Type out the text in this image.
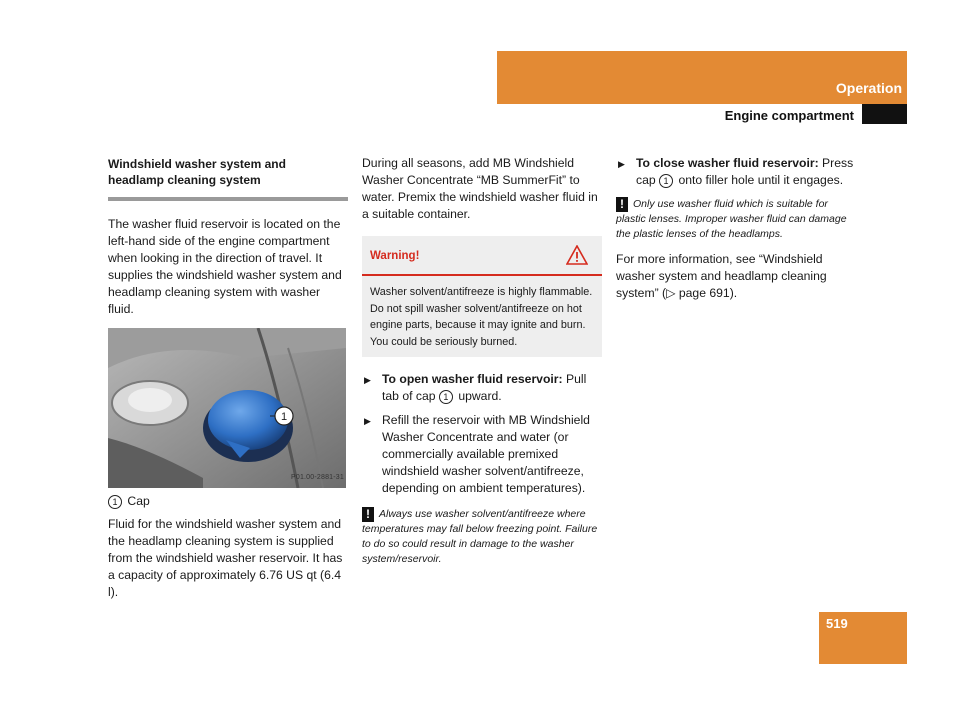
Operation
Engine compartment
Windshield washer system and
headlamp cleaning system

The washer fluid reservoir is located on the left-hand side of the engine compartment when looking in the direction of travel. It supplies the windshield washer system and headlamp cleaning system with washer fluid.

1
P01.00-2881-31

1 Cap

Fluid for the windshield washer system and the headlamp cleaning system is supplied from the windshield washer reservoir. It has a capacity of approximately 6.76 US qt (6.4 l).

During all seasons, add MB Windshield Washer Concentrate “MB SummerFit” to water. Premix the windshield washer fluid in a suitable container.

Warning!
Washer solvent/antifreeze is highly flammable. Do not spill washer solvent/antifreeze on hot engine parts, because it may ignite and burn. You could be seriously burned.
▶ To open washer fluid reservoir: Pull tab of cap 1 upward.
▶ Refill the reservoir with MB Windshield Washer Concentrate and water (or commercially available premixed windshield washer solvent/antifreeze, depending on ambient temperatures).
! Always use washer solvent/antifreeze where temperatures may fall below freezing point. Failure to do so could result in damage to the washer system/reservoir.
▶ To close washer fluid reservoir: Press cap 1 onto filler hole until it engages.
! Only use washer fluid which is suitable for plastic lenses. Improper washer fluid can damage the plastic lenses of the headlamps.

For more information, see “Windshield washer system and headlamp cleaning system” (▷ page 691).

519
